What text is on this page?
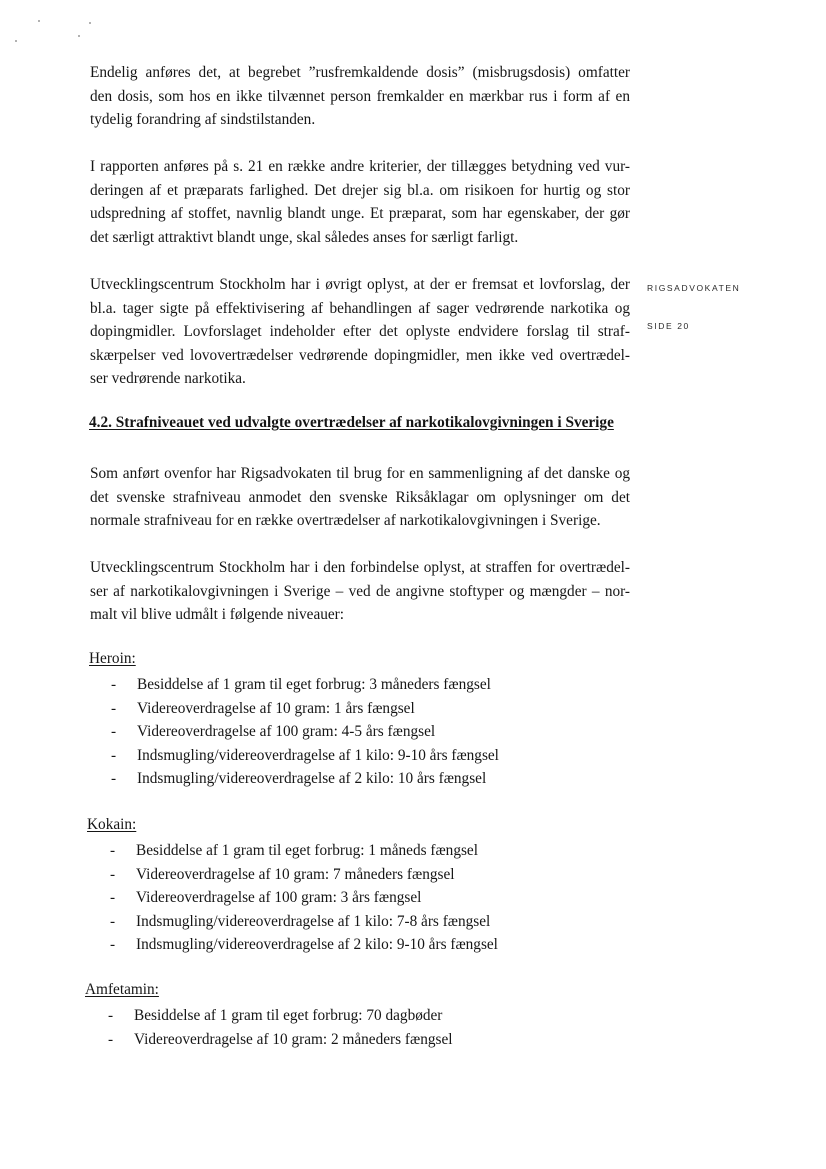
RIGSADVOKATEN
SIDE 20

Endelig anføres det, at begrebet ”rusfremkaldende dosis” (misbrugsdosis) omfatter
den dosis, som hos en ikke tilvænnet person fremkalder en mærkbar rus i form af en
tydelig forandring af sindstilstanden.

I rapporten anføres på s. 21 en række andre kriterier, der tillægges betydning ved vur-
deringen af et præparats farlighed. Det drejer sig bl.a. om risikoen for hurtig og stor
udspredning af stoffet, navnlig blandt unge. Et præparat, som har egenskaber, der gør
det særligt attraktivt blandt unge, skal således anses for særligt farligt.

Utvecklingscentrum Stockholm har i øvrigt oplyst, at der er fremsat et lovforslag, der
bl.a. tager sigte på effektivisering af behandlingen af sager vedrørende narkotika og
dopingmidler. Lovforslaget indeholder efter det oplyste endvidere forslag til straf-
skærpelser ved lovovertrædelser vedrørende dopingmidler, men ikke ved overtrædel-
ser vedrørende narkotika.

4.2. Strafniveauet ved udvalgte overtrædelser af narkotikalovgivningen i Sverige

Som anført ovenfor har Rigsadvokaten til brug for en sammenligning af det danske og
det svenske strafniveau anmodet den svenske Riksåklagar om oplysninger om det
normale strafniveau for en række overtrædelser af narkotikalovgivningen i Sverige.

Utvecklingscentrum Stockholm har i den forbindelse oplyst, at straffen for overtrædel-
ser af narkotikalovgivningen i Sverige – ved de angivne stoftyper og mængder – nor-
malt vil blive udmålt i følgende niveauer:

Heroin:
- Besiddelse af 1 gram til eget forbrug: 3 måneders fængsel
- Videreoverdragelse af 10 gram: 1 års fængsel
- Videreoverdragelse af 100 gram: 4-5 års fængsel
- Indsmugling/videreoverdragelse af 1 kilo: 9-10 års fængsel
- Indsmugling/videreoverdragelse af 2 kilo: 10 års fængsel
Kokain:
- Besiddelse af 1 gram til eget forbrug: 1 måneds fængsel
- Videreoverdragelse af 10 gram: 7 måneders fængsel
- Videreoverdragelse af 100 gram: 3 års fængsel
- Indsmugling/videreoverdragelse af 1 kilo: 7-8 års fængsel
- Indsmugling/videreoverdragelse af 2 kilo: 9-10 års fængsel
Amfetamin:
- Besiddelse af 1 gram til eget forbrug: 70 dagbøder
- Videreoverdragelse af 10 gram: 2 måneders fængsel
